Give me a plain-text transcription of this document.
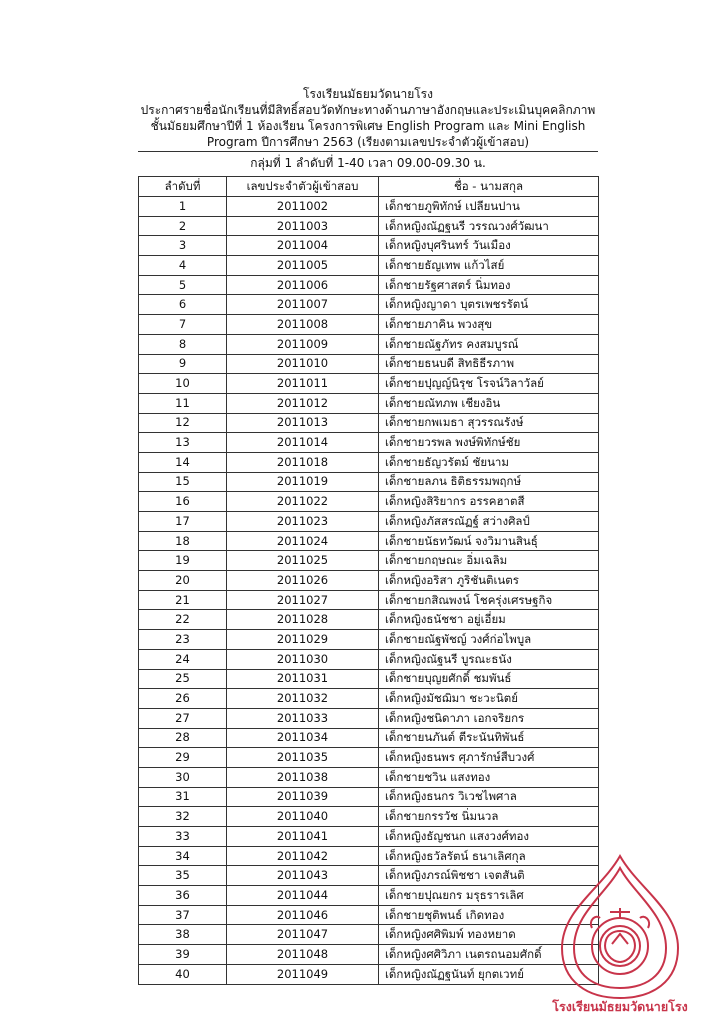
โรงเรียนมัธยมวัดนายโรง
ประกาศรายชื่อนักเรียนที่มีสิทธิ์สอบวัดทักษะทางด้านภาษาอังกฤษและประเมินบุคคลิกภาพ
ชั้นมัธยมศึกษาปีที่ 1 ห้องเรียน โครงการพิเศษ English Program และ Mini English
Program ปีการศึกษา 2563 (เรียงตามเลขประจำตัวผู้เข้าสอบ)
กลุ่มที่ 1 ลำดับที่ 1-40 เวลา 09.00-09.30 น.
ลำดับที่	เลขประจำตัวผู้เข้าสอบ	ชื่อ - นามสกุล
1	2011002	เด็กชายภูพิทักษ์ เปลียนปาน
2	2011003	เด็กหญิงณัฏฐนรี วรรณวงศ์วัฒนา
3	2011004	เด็กหญิงบุศรินทร์ วันเมือง
4	2011005	เด็กชายธัญเทพ แก้วไสย์
5	2011006	เด็กชายรัฐศาสตร์ นิ่มทอง
6	2011007	เด็กหญิงญาดา บุตรเพชรรัตน์
7	2011008	เด็กชายภาคิน พวงสุข
8	2011009	เด็กชายณัฐภัทร คงสมบูรณ์
9	2011010	เด็กชายธนบดี สิทธิธีรภาพ
10	2011011	เด็กชายปุญญ์นิรุช โรจน์วิลาวัลย์
11	2011012	เด็กชายณัทภพ เชียงอิน
12	2011013	เด็กชายกพเมธา สุวรรณรังษ์
13	2011014	เด็กชายวรพล พงษ์พิทักษ์ชัย
14	2011018	เด็กชายธัญวรัตม์ ชัยนาม
15	2011019	เด็กชายลภน ธิติธรรมพฤกษ์
16	2011022	เด็กหญิงสิริยากร อรรคฮาตสี
17	2011023	เด็กหญิงภัสสรณัฏฐ์ สว่างศิลป์
18	2011024	เด็กชายนัธทวัฒน์ จงวิมานสินธุ์
19	2011025	เด็กชายกฤษณะ อิ่มเฉลิม
20	2011026	เด็กหญิงอริสา ภูริชันติเนตร
21	2011027	เด็กชายกสิณพงน์ โชครุ่งเศรษฐกิจ
22	2011028	เด็กหญิงธนัชชา อยู่เอี่ยม
23	2011029	เด็กชายณัฐพัชญ์ วงศ์ก่อไพบูล
24	2011030	เด็กหญิงณัฐนรี บูรณะธนัง
25	2011031	เด็กชายบุญยศักดิ์ ชมพันธ์
26	2011032	เด็กหญิงมัชฌิมา ชะวะนิตย์
27	2011033	เด็กหญิงชนิดาภา เอกจริยกร
28	2011034	เด็กชายนภันต์ ตีระนันทิพันธ์
29	2011035	เด็กหญิงธนพร ศุภารักษ์สืบวงศ์
30	2011038	เด็กชายชวิน แสงทอง
31	2011039	เด็กหญิงธนกร วิเวชไพศาล
32	2011040	เด็กชายกรรวัช นิ่มนวล
33	2011041	เด็กหญิงธัญชนก แสงวงศ์ทอง
34	2011042	เด็กหญิงธวัลรัตน์ ธนาเลิศกุล
35	2011043	เด็กหญิงภรณ์พิชชา เจตสันติ
36	2011044	เด็กชายปุณยกร มรุธรารเลิศ
37	2011046	เด็กชายชุติพนธ์ เกิดทอง
38	2011047	เด็กหญิงศศิพิมพ์ ทองหยาด
39	2011048	เด็กหญิงศศิวิภา เนตรถนอมศักดิ์
40	2011049	เด็กหญิงณัฏฐนันท์ ยุกตเวทย์
โรงเรียนมัธยมวัดนายโรง
